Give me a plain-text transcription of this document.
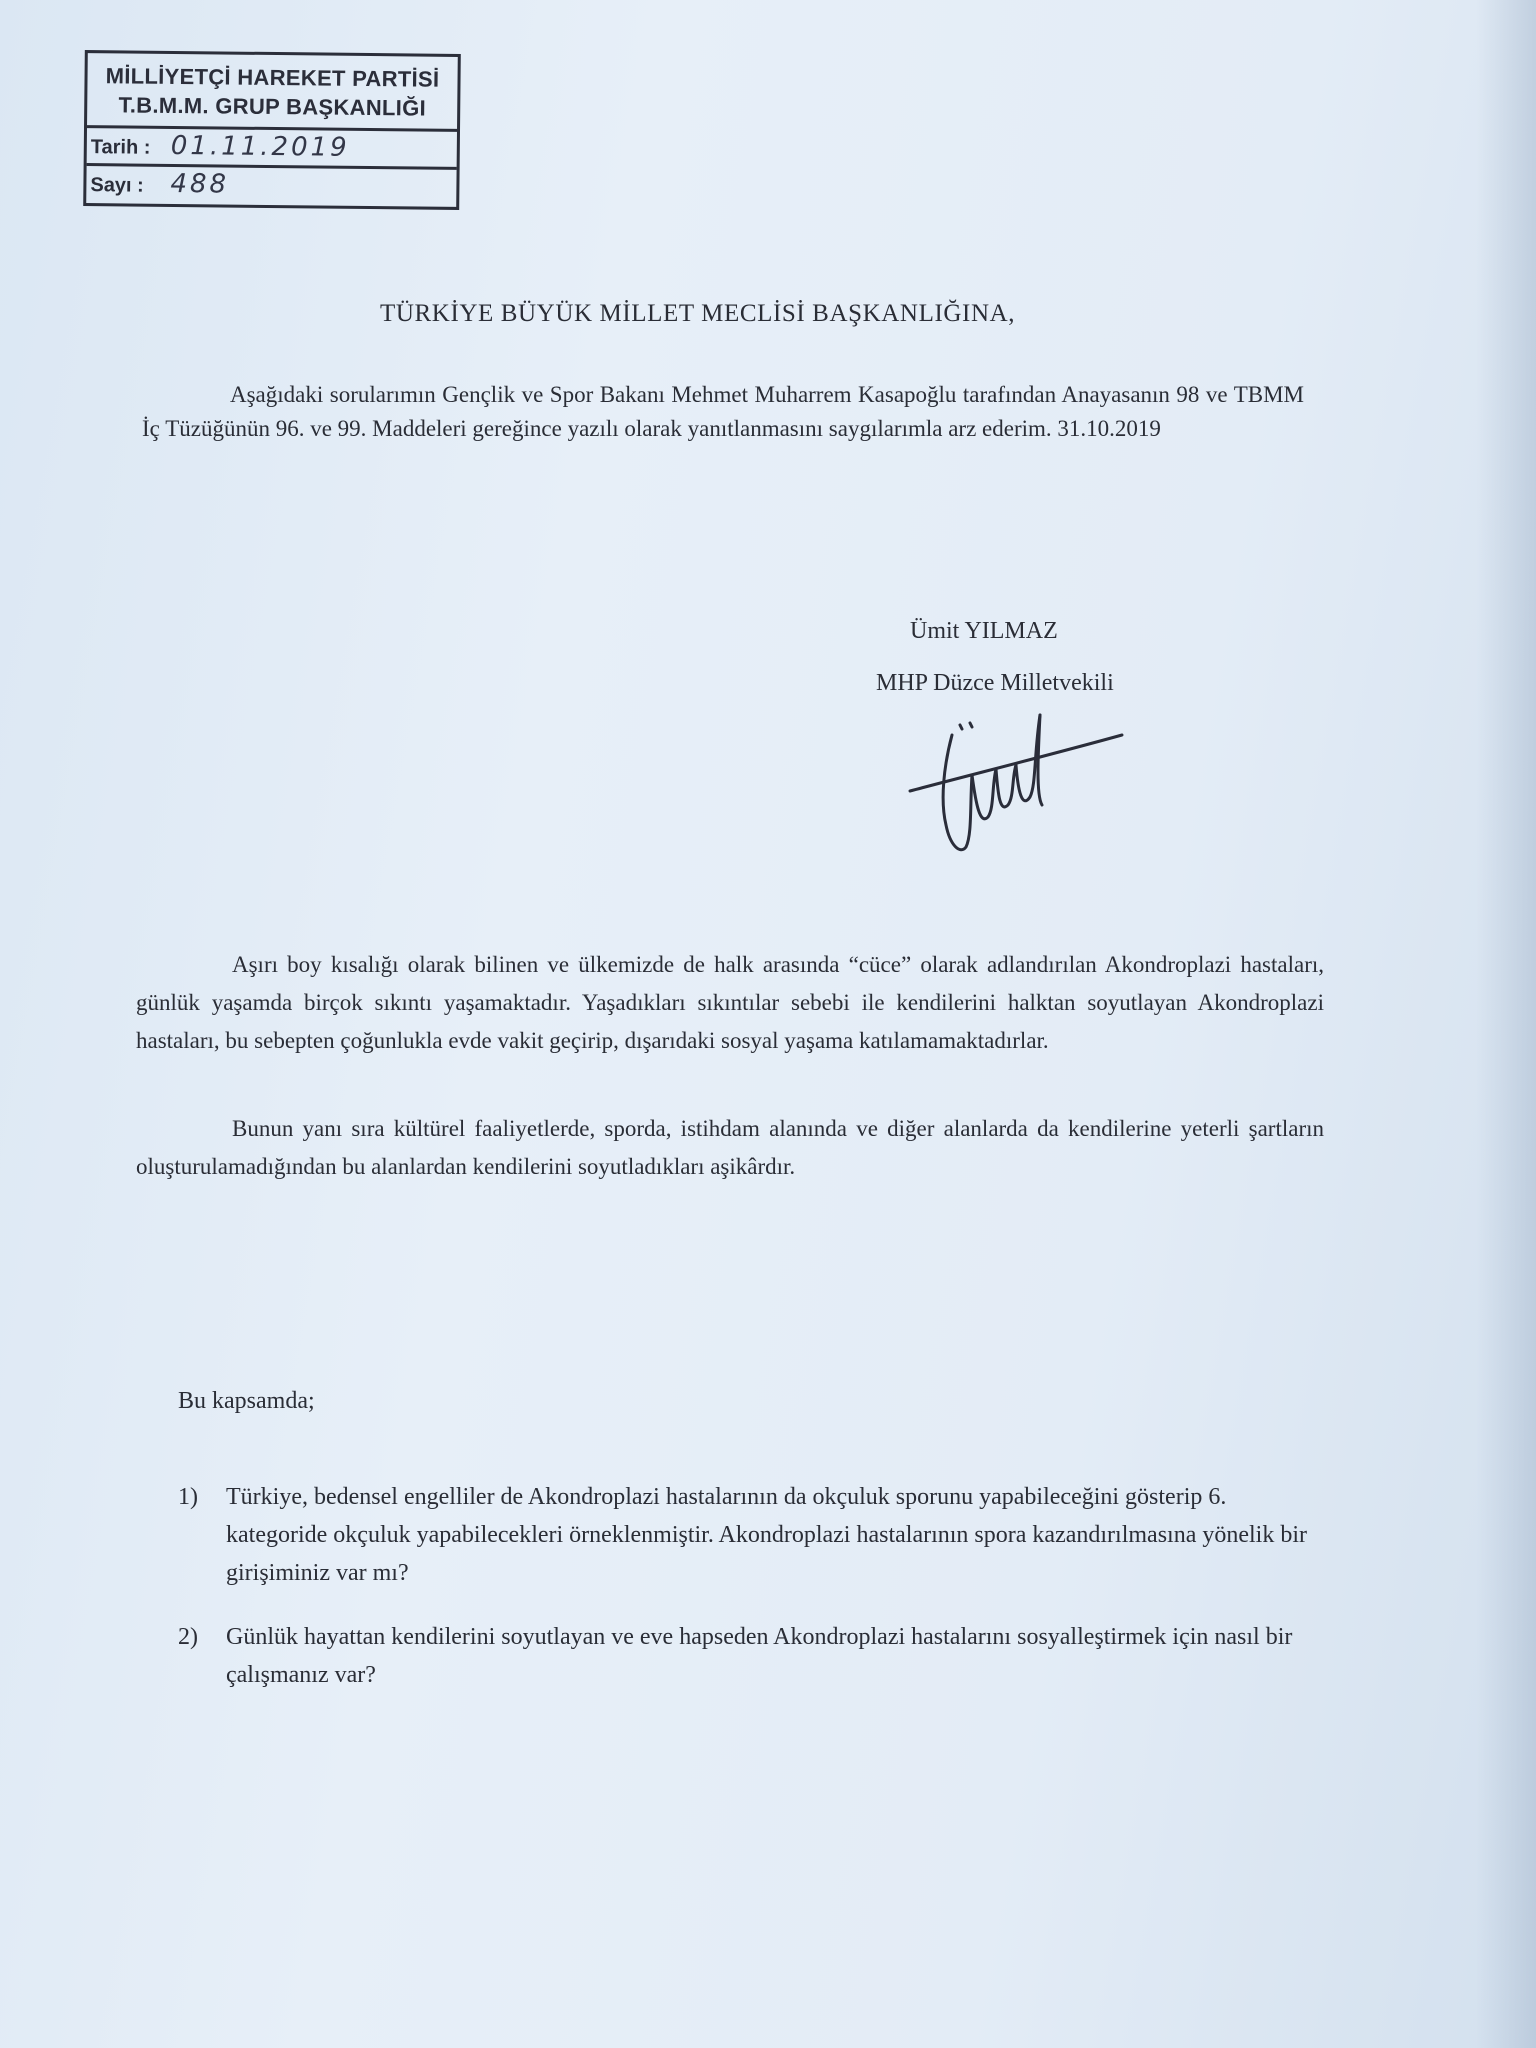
MİLLİYETÇİ HAREKET PARTİSİ
T.B.M.M. GRUP BAŞKANLIĞI
Tarih : 01.11.2019
Sayı : 488
TÜRKİYE BÜYÜK MİLLET MECLİSİ BAŞKANLIĞINA,

Aşağıdaki sorularımın Gençlik ve Spor Bakanı Mehmet Muharrem Kasapoğlu tarafından Anayasanın 98 ve TBMM İç Tüzüğünün 96. ve 99. Maddeleri gereğince yazılı olarak yanıtlanmasını saygılarımla arz ederim. 31.10.2019

Ümit YILMAZ
MHP Düzce Milletvekili

Aşırı boy kısalığı olarak bilinen ve ülkemizde de halk arasında “cüce” olarak adlandırılan Akondroplazi hastaları, günlük yaşamda birçok sıkıntı yaşamaktadır. Yaşadıkları sıkıntılar sebebi ile kendilerini halktan soyutlayan Akondroplazi hastaları, bu sebepten çoğunlukla evde vakit geçirip, dışarıdaki sosyal yaşama katılamamaktadırlar.

Bunun yanı sıra kültürel faaliyetlerde, sporda, istihdam alanında ve diğer alanlarda da kendilerine yeterli şartların oluşturulamadığından bu alanlardan kendilerini soyutladıkları aşikârdır.

Bu kapsamda;
1) Türkiye, bedensel engelliler de Akondroplazi hastalarının da okçuluk sporunu yapabileceğini gösterip 6. kategoride okçuluk yapabilecekleri örneklenmiştir. Akondroplazi hastalarının spora kazandırılmasına yönelik bir girişiminiz var mı?
2) Günlük hayattan kendilerini soyutlayan ve eve hapseden Akondroplazi hastalarını sosyalleştirmek için nasıl bir çalışmanız var?
